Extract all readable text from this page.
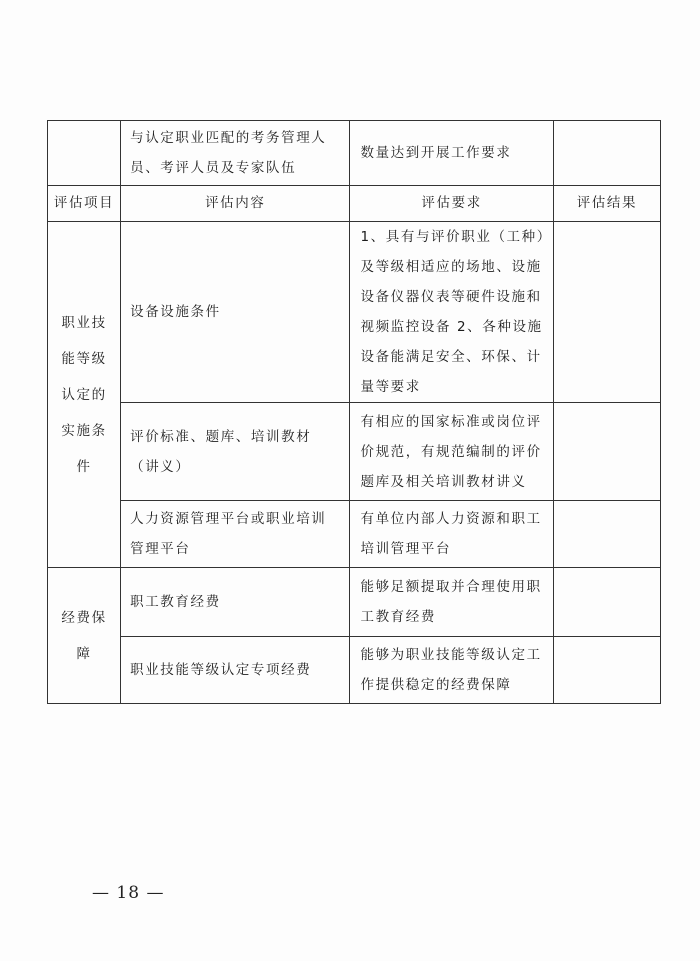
	与认定职业匹配的考务管理人员、考评人员及专家队伍	数量达到开展工作要求	
评估项目	评估内容	评估要求	评估结果
职业技能等级认定的实施条件	设备设施条件	1、具有与评价职业（工种）及等级相适应的场地、设施设备仪器仪表等硬件设施和视频监控设备 2、各种设施设备能满足安全、环保、计量等要求	
	评价标准、题库、培训教材（讲义）	有相应的国家标准或岗位评价规范，有规范编制的评价题库及相关培训教材讲义	
	人力资源管理平台或职业培训管理平台	有单位内部人力资源和职工培训管理平台	
经费保障	职工教育经费	能够足额提取并合理使用职工教育经费	
	职业技能等级认定专项经费	能够为职业技能等级认定工作提供稳定的经费保障	
— 18 —
